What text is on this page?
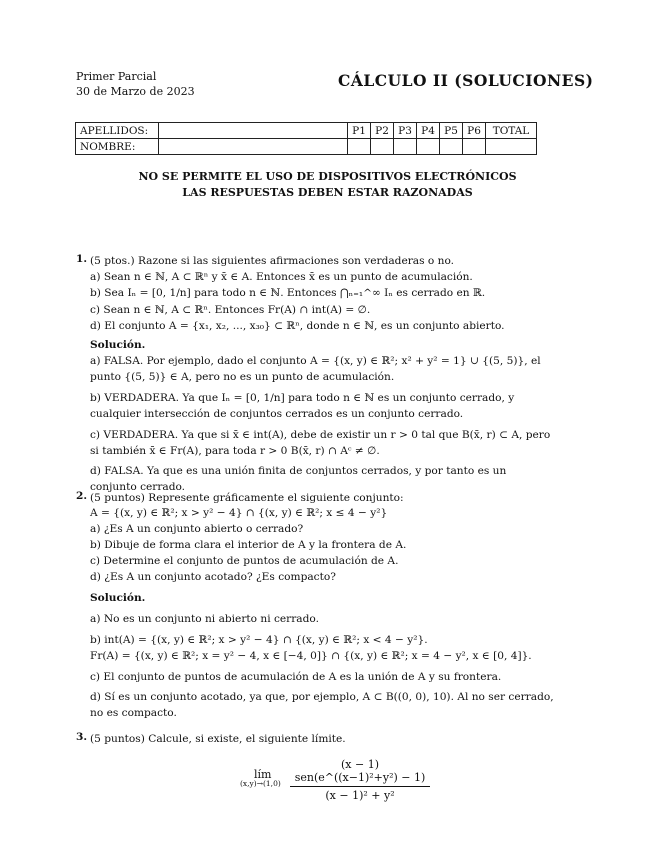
Primer Parcial
30 de Marzo de 2023
CÁLCULO II (SOLUCIONES)
APELLIDOS:		P1	P2	P3	P4	P5	P6	TOTAL
NOMBRE:								
NO SE PERMITE EL USO DE DISPOSITIVOS ELECTRÓNICOS
LAS RESPUESTAS DEBEN ESTAR RAZONADAS
1. (5 ptos.) Razone si las siguientes afirmaciones son verdaderas o no.
a) Sean n ∈ ℕ, A ⊂ ℝⁿ y x̄ ∈ A. Entonces x̄ es un punto de acumulación.
b) Sea Iₙ = [0, 1/n] para todo n ∈ ℕ. Entonces ⋂ₙ₌₁^∞ Iₙ es cerrado en ℝ.
c) Sean n ∈ ℕ, A ⊂ ℝⁿ. Entonces Fr(A) ∩ int(A) = ∅.
d) El conjunto A = {x₁, x₂, ..., x₃₀} ⊂ ℝⁿ, donde n ∈ ℕ, es un conjunto abierto.
Solución.
a) FALSA. Por ejemplo, dado el conjunto A = {(x, y) ∈ ℝ²; x² + y² = 1} ∪ {(5, 5)}, el punto {(5, 5)} ∈ A, pero no es un punto de acumulación.
b) VERDADERA. Ya que Iₙ = [0, 1/n] para todo n ∈ ℕ es un conjunto cerrado, y cualquier intersección de conjuntos cerrados es un conjunto cerrado.
c) VERDADERA. Ya que si x̄ ∈ int(A), debe de existir un r > 0 tal que B(x̄, r) ⊂ A, pero si también x̄ ∈ Fr(A), para toda r > 0 B(x̄, r) ∩ Aᶜ ≠ ∅.
d) FALSA. Ya que es una unión finita de conjuntos cerrados, y por tanto es un conjunto cerrado.
2. (5 puntos) Represente gráficamente el siguiente conjunto:
A = {(x, y) ∈ ℝ²; x > y² − 4} ∩ {(x, y) ∈ ℝ²; x ≤ 4 − y²}
a) ¿Es A un conjunto abierto o cerrado?
b) Dibuje de forma clara el interior de A y la frontera de A.
c) Determine el conjunto de puntos de acumulación de A.
d) ¿Es A un conjunto acotado? ¿Es compacto?
Solución.
a) No es un conjunto ni abierto ni cerrado.
b) int(A) = {(x, y) ∈ ℝ²; x > y² − 4} ∩ {(x, y) ∈ ℝ²; x < 4 − y²}.
Fr(A) = {(x, y) ∈ ℝ²; x = y² − 4, x ∈ [−4, 0]} ∩ {(x, y) ∈ ℝ²; x = 4 − y², x ∈ [0, 4]}.
c) El conjunto de puntos de acumulación de A es la unión de A y su frontera.
d) Sí es un conjunto acotado, ya que, por ejemplo, A ⊂ B((0, 0), 10). Al no ser cerrado, no es compacto.
3. (5 puntos) Calcule, si existe, el siguiente límite.
lím
(x,y)→(1,0)
(x − 1) sen(e^((x−1)²+y²) − 1)
(x − 1)² + y²
